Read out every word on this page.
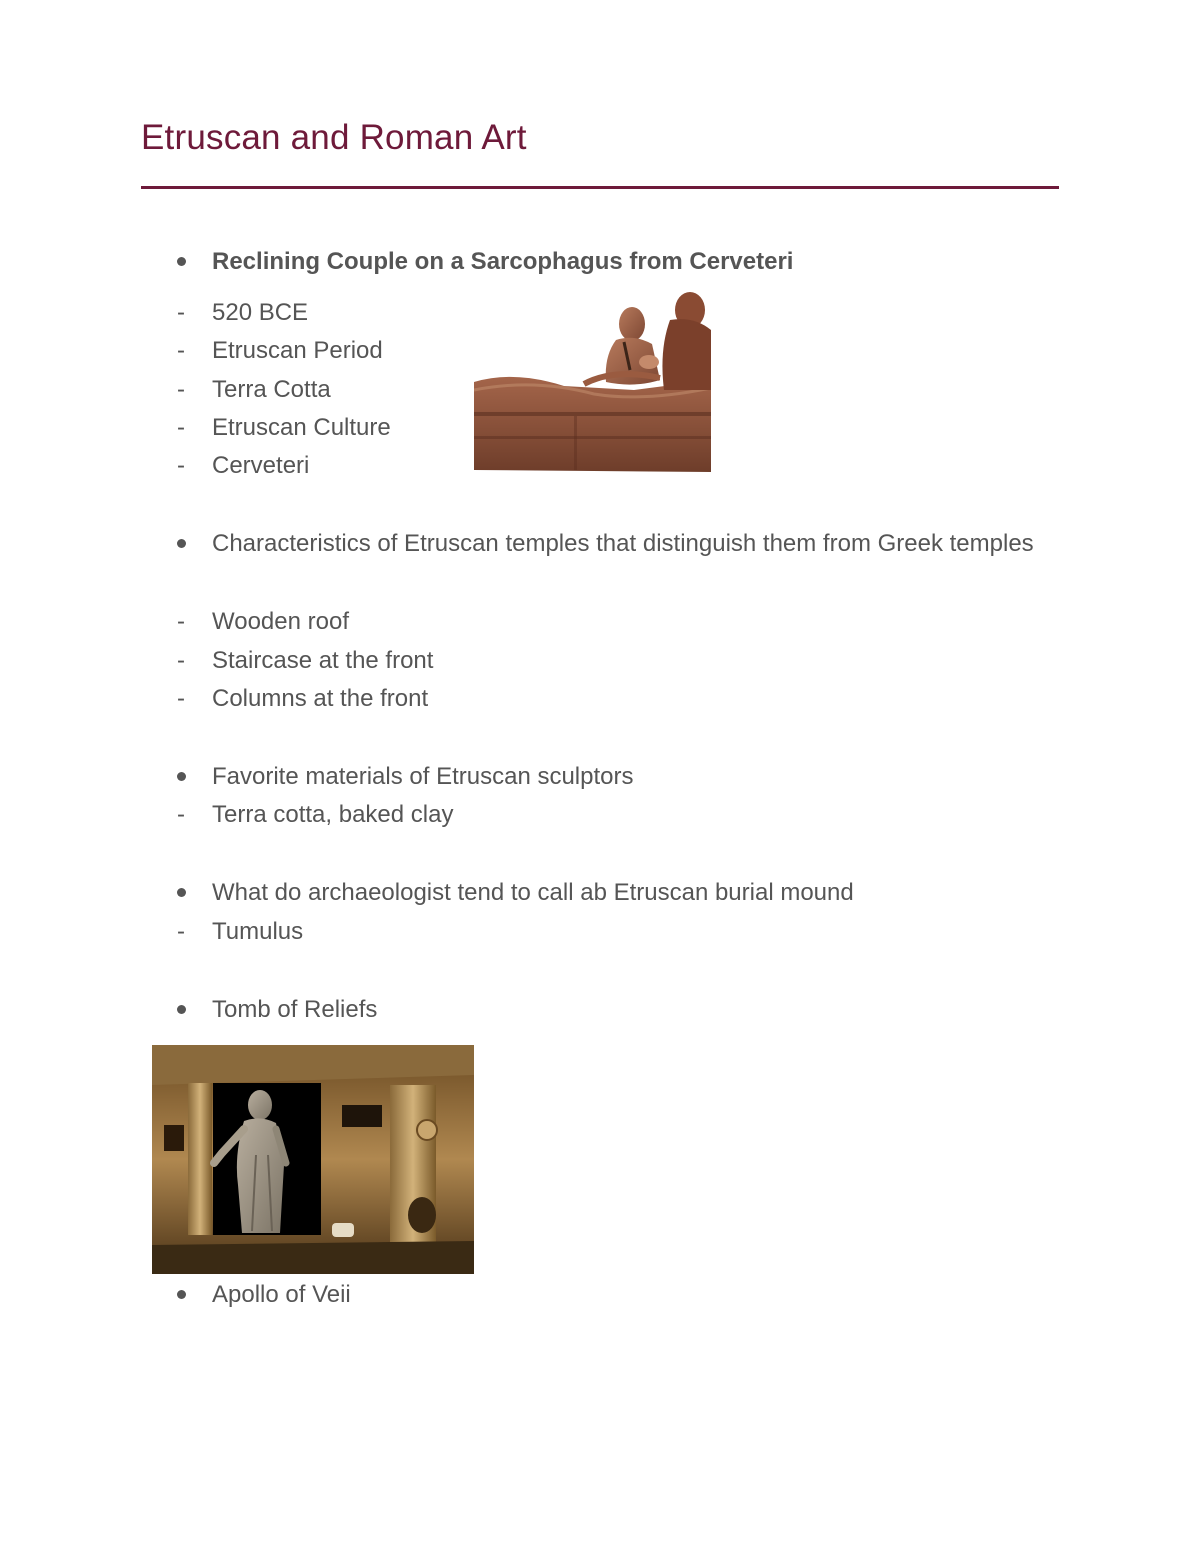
Etruscan and Roman Art
Reclining Couple on a Sarcophagus from Cerveteri
- 520 BCE
- Etruscan Period
- Terra Cotta
- Etruscan Culture
- Cerveteri
Characteristics of Etruscan temples that distinguish them from Greek temples
- Wooden roof
- Staircase at the front
- Columns at the front
Favorite materials of Etruscan sculptors
- Terra cotta, baked clay
What do archaeologist tend to call ab Etruscan burial mound
- Tumulus
Tomb of Reliefs
Apollo of Veii
